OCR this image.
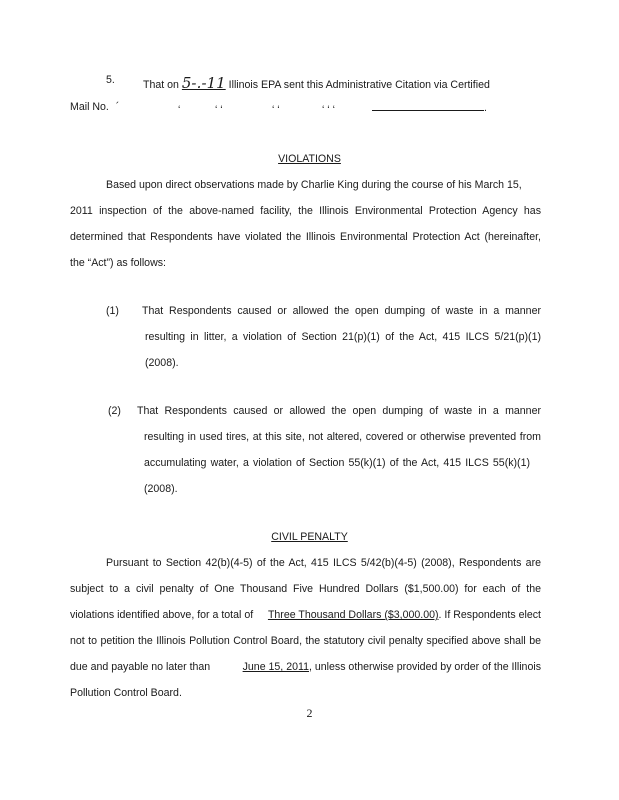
5.	That on 5-․-11 Illinois EPA sent this Administrative Citation via Certified
Mail No. ´	‘	‘ ‘	‘ ‘	‘ ‘ ‘	.
VIOLATIONS
Based upon direct observations made by Charlie King during the course of his March 15,
2011 inspection of the above-named facility, the Illinois Environmental Protection Agency has
determined that Respondents have violated the Illinois Environmental Protection Act (hereinafter,
the “Act”) as follows:
(1) That Respondents caused or allowed the open dumping of waste in a manner
resulting in litter, a violation of Section 21(p)(1) of the Act, 415 ILCS 5/21(p)(1)
(2008).
(2) That Respondents caused or allowed the open dumping of waste in a manner
resulting in used tires, at this site, not altered, covered or otherwise prevented from
accumulating water, a violation of Section 55(k)(1) of the Act, 415 ILCS 55(k)(1)
(2008).
CIVIL PENALTY
Pursuant to Section 42(b)(4-5) of the Act, 415 ILCS 5/42(b)(4-5) (2008), Respondents are
subject to a civil penalty of One Thousand Five Hundred Dollars ($1,500.00) for each of the
violations identified above, for a total of Three Thousand Dollars ($3,000.00). If Respondents elect
not to petition the Illinois Pollution Control Board, the statutory civil penalty specified above shall be
due and payable no later than	June 15, 2011, unless otherwise provided by order of the Illinois
Pollution Control Board.
2
